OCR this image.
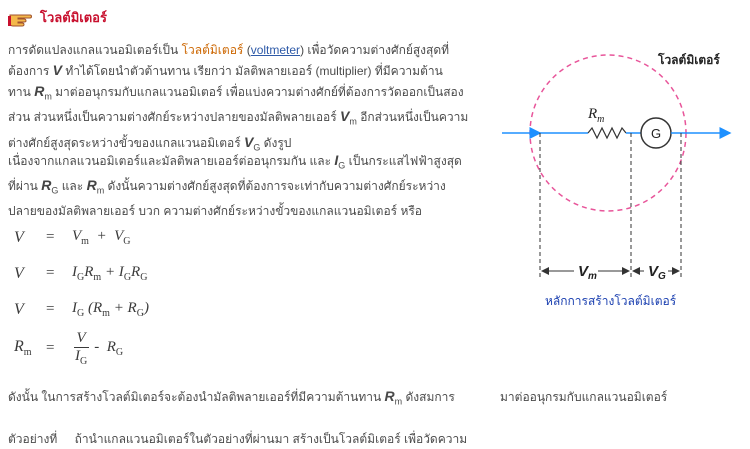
โวลต์มิเตอร์
การดัดแปลงแกลแวนอมิเตอร์เป็น โวลต์มิเตอร์ (voltmeter) เพื่อวัดความต่างศักย์สูงสุดที่
ต้องการ V ทำได้โดยนำตัวต้านทาน เรียกว่า มัลติพลายเออร์ (multiplier) ที่มีความต้าน
ทาน $R_m$ มาต่ออนุกรมกับแกลแวนอมิเตอร์ เพื่อแบ่งความต่างศักย์ที่ต้องการวัดออกเป็นสอง
ส่วน ส่วนหนึ่งเป็นความต่างศักย์ระหว่างปลายของมัลติพลายเออร์ $V_m$ อีกส่วนหนึ่งเป็นความ
ต่างศักย์สูงสุดระหว่างขั้วของแกลแวนอมิเตอร์ $V_G$ ดังรูป
เนื่องจากแกลแวนอมิเตอร์และมัลติพลายเออร์ต่ออนุกรมกัน และ $I_G$ เป็นกระแสไฟฟ้าสูงสุด
ที่ผ่าน $R_G$ และ $R_m$ ดังนั้นความต่างศักย์สูงสุดที่ต้องการจะเท่ากับความต่างศักย์ระหว่าง
ปลายของมัลติพลายเออร์ บวก ความต่างศักย์ระหว่างขั้วของแกลแวนอมิเตอร์ หรือ
V	=	$V_m + V_G$
V	=	$I_GR_m + I_GR_G$
V	=	$I_G$ $(R_m + R_G)$
$R_m$ =	$\frac{V}{I_G} - R_G$
โวลต์มิเตอร์
G
$R_m$
$V_m$	$V_G$
หลักการสร้างโวลต์มิเตอร์
ดังนั้น ในการสร้างโวลต์มิเตอร์จะต้องนำมัลติพลายเออร์ที่มีความต้านทาน $R_m$ ดังสมการ	มาต่ออนุกรมกับแกลแวนอมิเตอร์
ตัวอย่างที่ ถ้านำแกลแวนอมิเตอร์ในตัวอย่างที่ผ่านมา สร้างเป็นโวลต์มิเตอร์ เพื่อวัดความ
